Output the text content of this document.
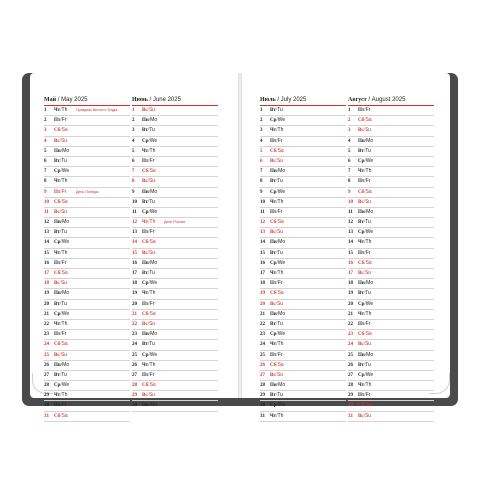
Май / May 2025
1 Чт/Th Праздник Весны и Труда
2 Пт/Fr
3 Сб/Sa
4 Вс/Su
5 Пн/Mo
6 Вт/Tu
7 Ср/We
8 Чт/Th
9 Пт/Fr	День Победы
10 Сб/Sa
11 Вс/Su
12 Пн/Mo
13 Вт/Tu
14 Ср/We
15 Чт/Th
16 Пт/Fr
17 Сб/Sa
18 Вс/Su
19 Пн/Mo
20 Вт/Tu
21 Ср/We
22 Чт/Th
23 Пт/Fr
24 Сб/Sa
25 Вс/Su
26 Пн/Mo
27 Вт/Tu
28 Ср/We
29 Чт/Th
30 Пт/Fr
31 Сб/Sa
Июнь / June 2025
1 Вс/Su
2 Пн/Mo
3 Вт/Tu
4 Ср/We
5 Чт/Th
6 Пт/Fr
7 Сб/Sa
8 Вс/Su
9 Пн/Mo
10 Вт/Tu
11 Ср/We
12 Чт/Th День России
13 Пт/Fr
14 Сб/Sa
15 Вс/Su
16 Пн/Mo
17 Вт/Tu
18 Ср/We
19 Чт/Th
20 Пт/Fr
21 Сб/Sa
22 Вс/Su
23 Пн/Mo
24 Вт/Tu
25 Ср/We
26 Чт/Th
27 Пт/Fr
28 Сб/Sa
29 Вс/Su
30 Пн/Mo
Июль / July 2025
1 Вт/Tu
2 Ср/We
3 Чт/Th
4 Пт/Fr
5 Сб/Sa
6 Вс/Su
7 Пн/Mo
8 Вт/Tu
9 Ср/We
10 Чт/Th
11 Пт/Fr
12 Сб/Sa
13 Вс/Su
14 Пн/Mo
15 Вт/Tu
16 Ср/We
17 Чт/Th
18 Пт/Fr
19 Сб/Sa
20 Вс/Su
21 Пн/Mo
22 Вт/Tu
23 Ср/We
24 Чт/Th
25 Пт/Fr
26 Сб/Sa
27 Вс/Su
28 Пн/Mo
29 Вт/Tu
30 Ср/We
31 Чт/Th
Август / August 2025
1 Пт/Fr
2 Сб/Sa
3 Вс/Su
4 Пн/Mo
5 Вт/Tu
6 Ср/We
7 Чт/Th
8 Пт/Fr
9 Сб/Sa
10 Вс/Su
11 Пн/Mo
12 Вт/Tu
13 Ср/We
14 Чт/Th
15 Пт/Fr
16 Сб/Sa
17 Вс/Su
18 Пн/Mo
19 Вт/Tu
20 Ср/We
21 Чт/Th
22 Пт/Fr
23 Сб/Sa
24 Вс/Su
25 Пн/Mo
26 Вт/Tu
27 Ср/We
28 Чт/Th
29 Пт/Fr
30 Сб/Sa
31 Вс/Su
